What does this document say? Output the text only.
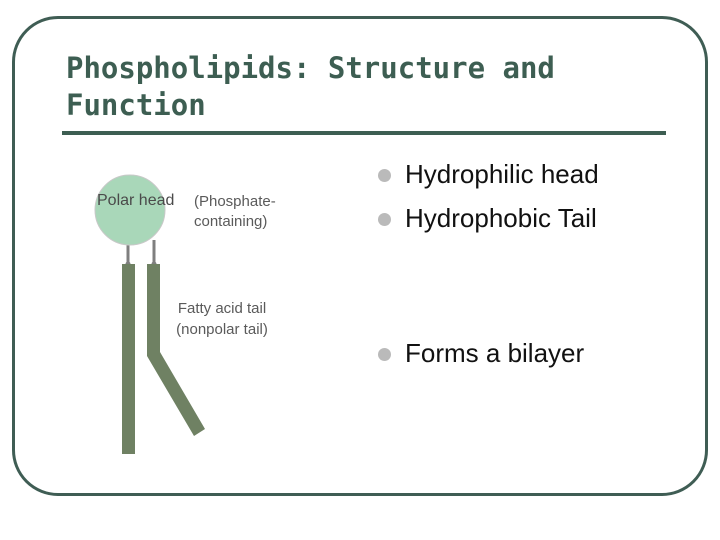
Phospholipids: Structure and Function
Polar head	(Phosphate-containing)
Fatty acid tail (nonpolar tail)
Hydrophilic head
Hydrophobic Tail
Forms a bilayer
